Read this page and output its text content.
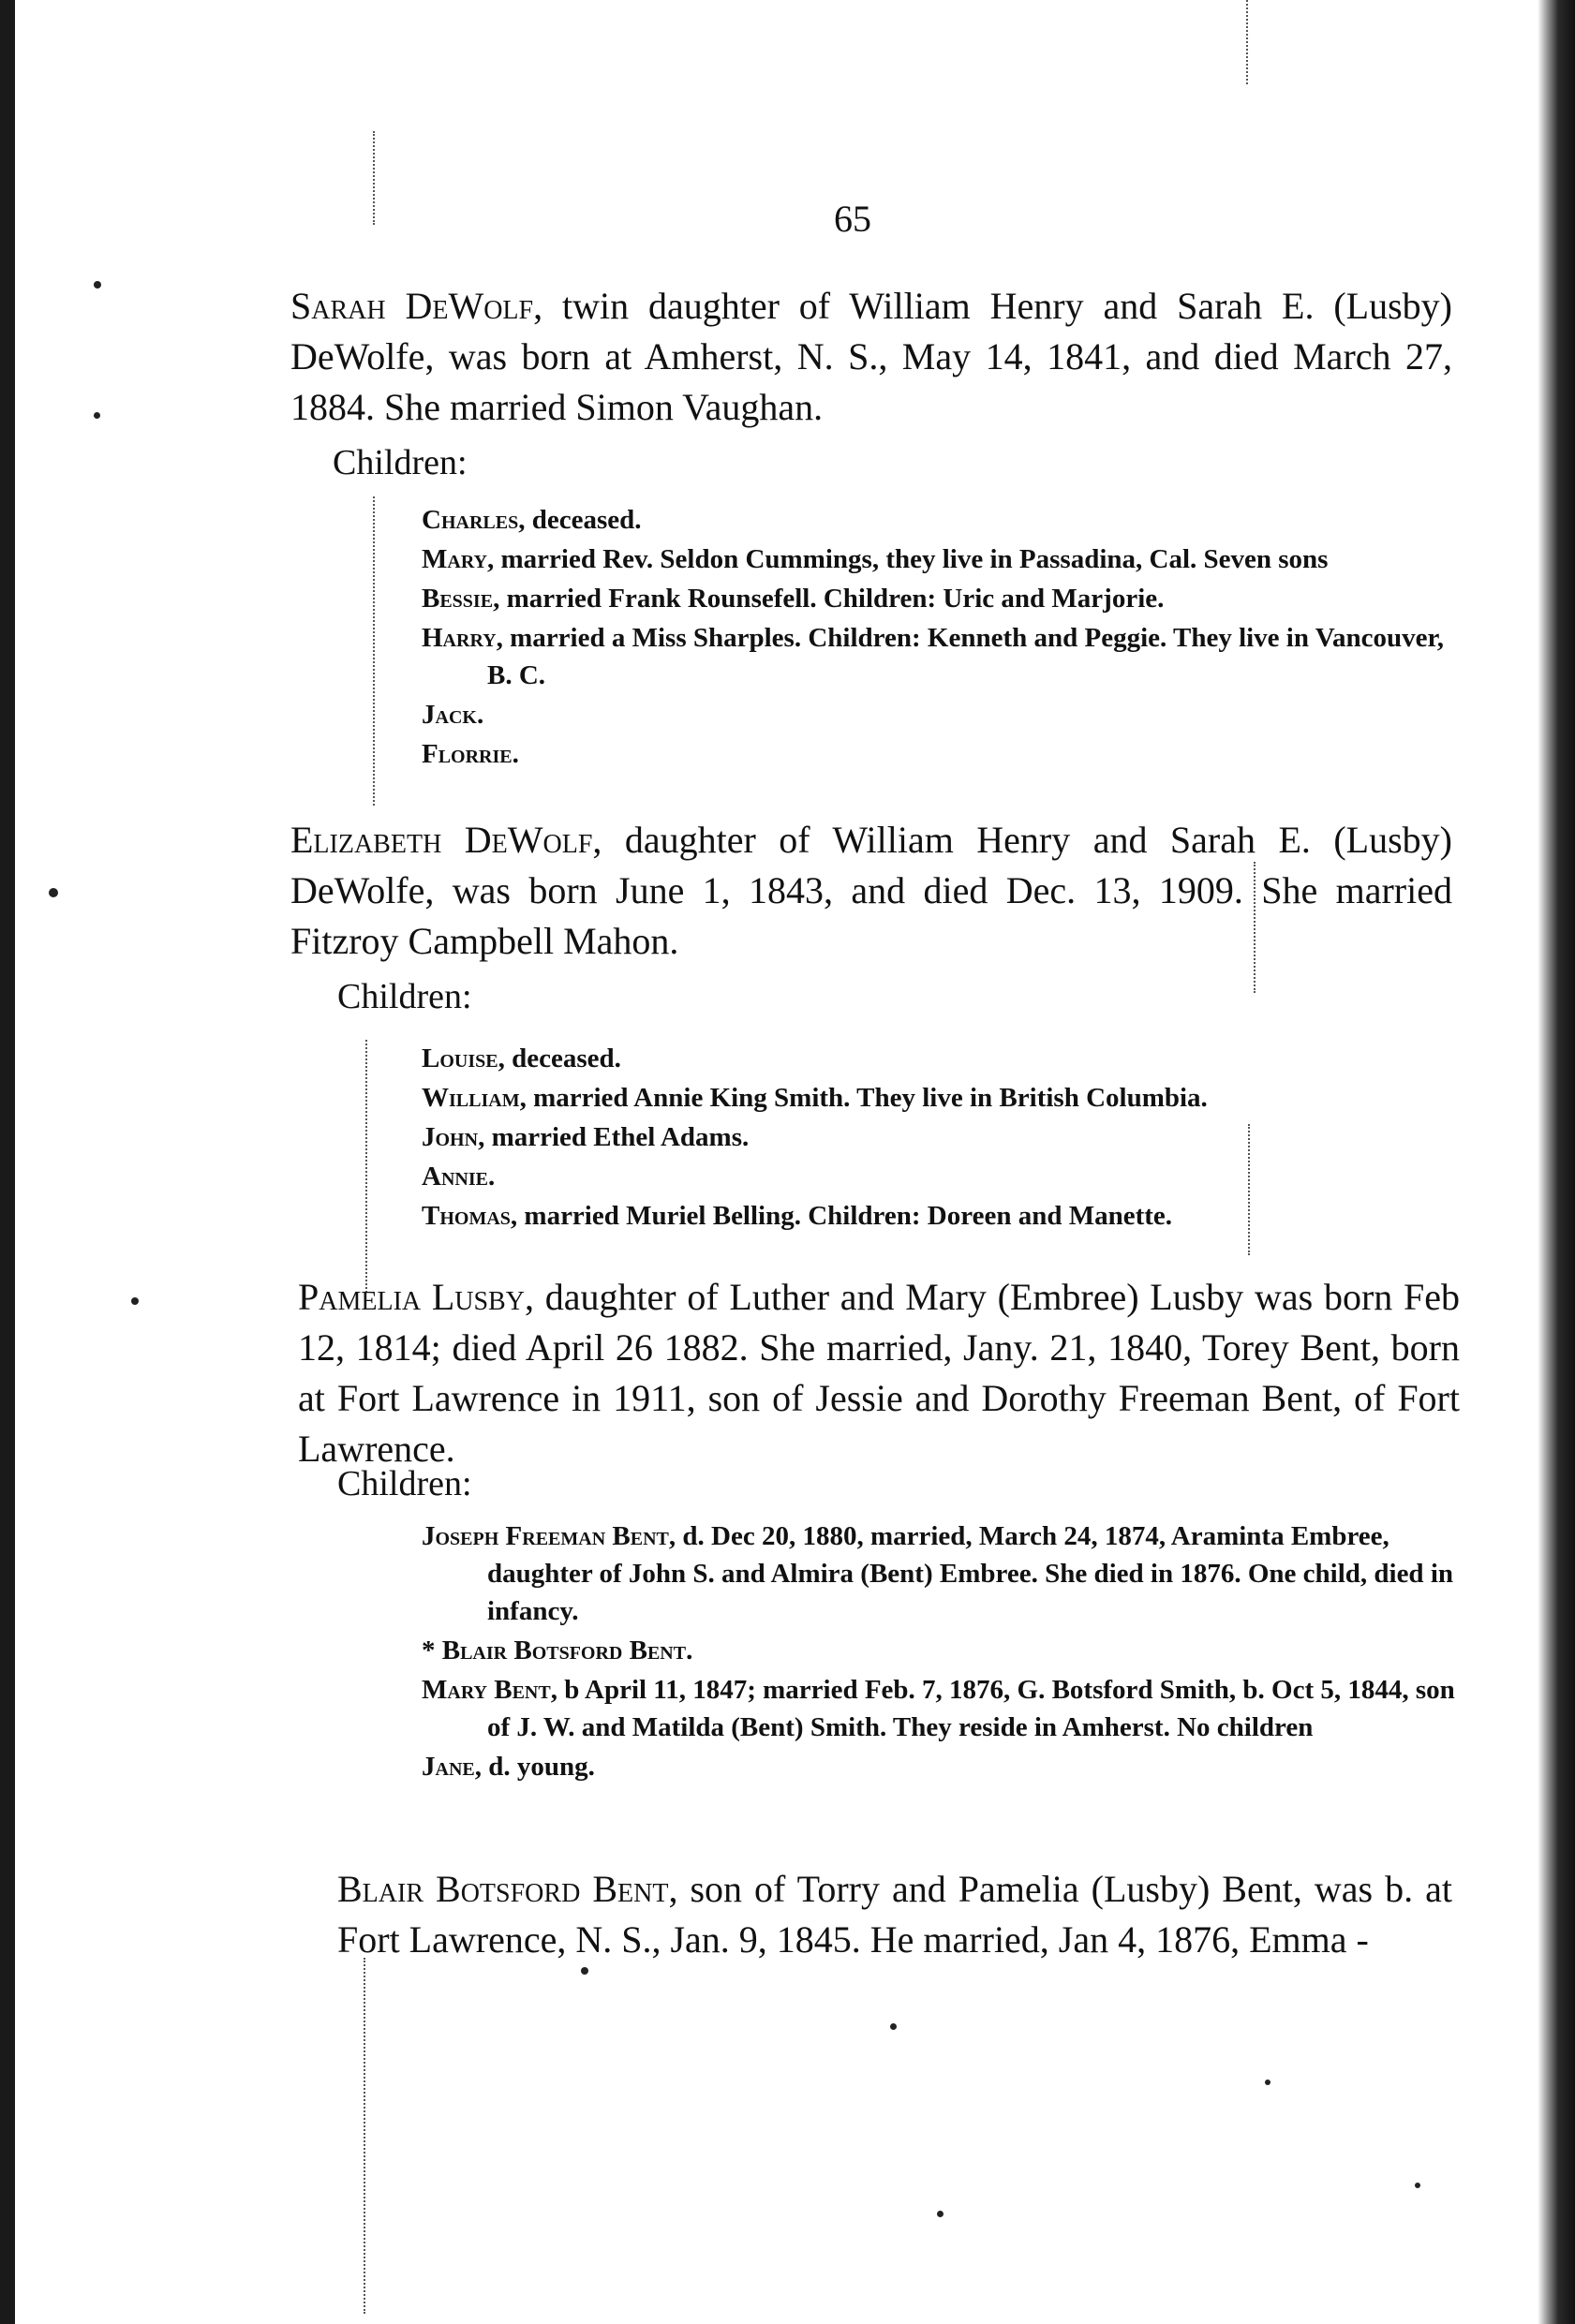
65

Sarah DeWolf, twin daughter of William Henry and Sarah E. (Lusby) DeWolfe, was born at Amherst, N. S., May 14, 1841, and died March 27, 1884. She married Simon Vaughan.

Children:
Charles, deceased.
Mary, married Rev. Seldon Cummings, they live in Passadina, Cal. Seven sons
Bessie, married Frank Rounsefell. Children: Uric and Marjorie.
Harry, married a Miss Sharples. Children: Kenneth and Peggie. They live in Vancouver, B. C.
Jack.
Florrie.

Elizabeth DeWolf, daughter of William Henry and Sarah E. (Lusby) DeWolfe, was born June 1, 1843, and died Dec. 13, 1909. She married Fitzroy Campbell Mahon.

Children:
Louise, deceased.
William, married Annie King Smith. They live in British Columbia.
John, married Ethel Adams.
Annie.
Thomas, married Muriel Belling. Children: Doreen and Manette.

Pamelia Lusby, daughter of Luther and Mary (Embree) Lusby was born Feb 12, 1814; died April 26 1882. She married, Jany. 21, 1840, Torey Bent, born at Fort Lawrence in 1911, son of Jessie and Dorothy Freeman Bent, of Fort Lawrence.

Children:
Joseph Freeman Bent, d. Dec 20, 1880, married, March 24, 1874, Araminta Embree, daughter of John S. and Almira (Bent) Embree. She died in 1876. One child, died in infancy.
* Blair Botsford Bent.
Mary Bent, b April 11, 1847; married Feb. 7, 1876, G. Botsford Smith, b. Oct 5, 1844, son of J. W. and Matilda (Bent) Smith. They reside in Amherst. No children
Jane, d. young.

Blair Botsford Bent, son of Torry and Pamelia (Lusby) Bent, was b. at Fort Lawrence, N. S., Jan. 9, 1845. He married, Jan 4, 1876, Emma -
